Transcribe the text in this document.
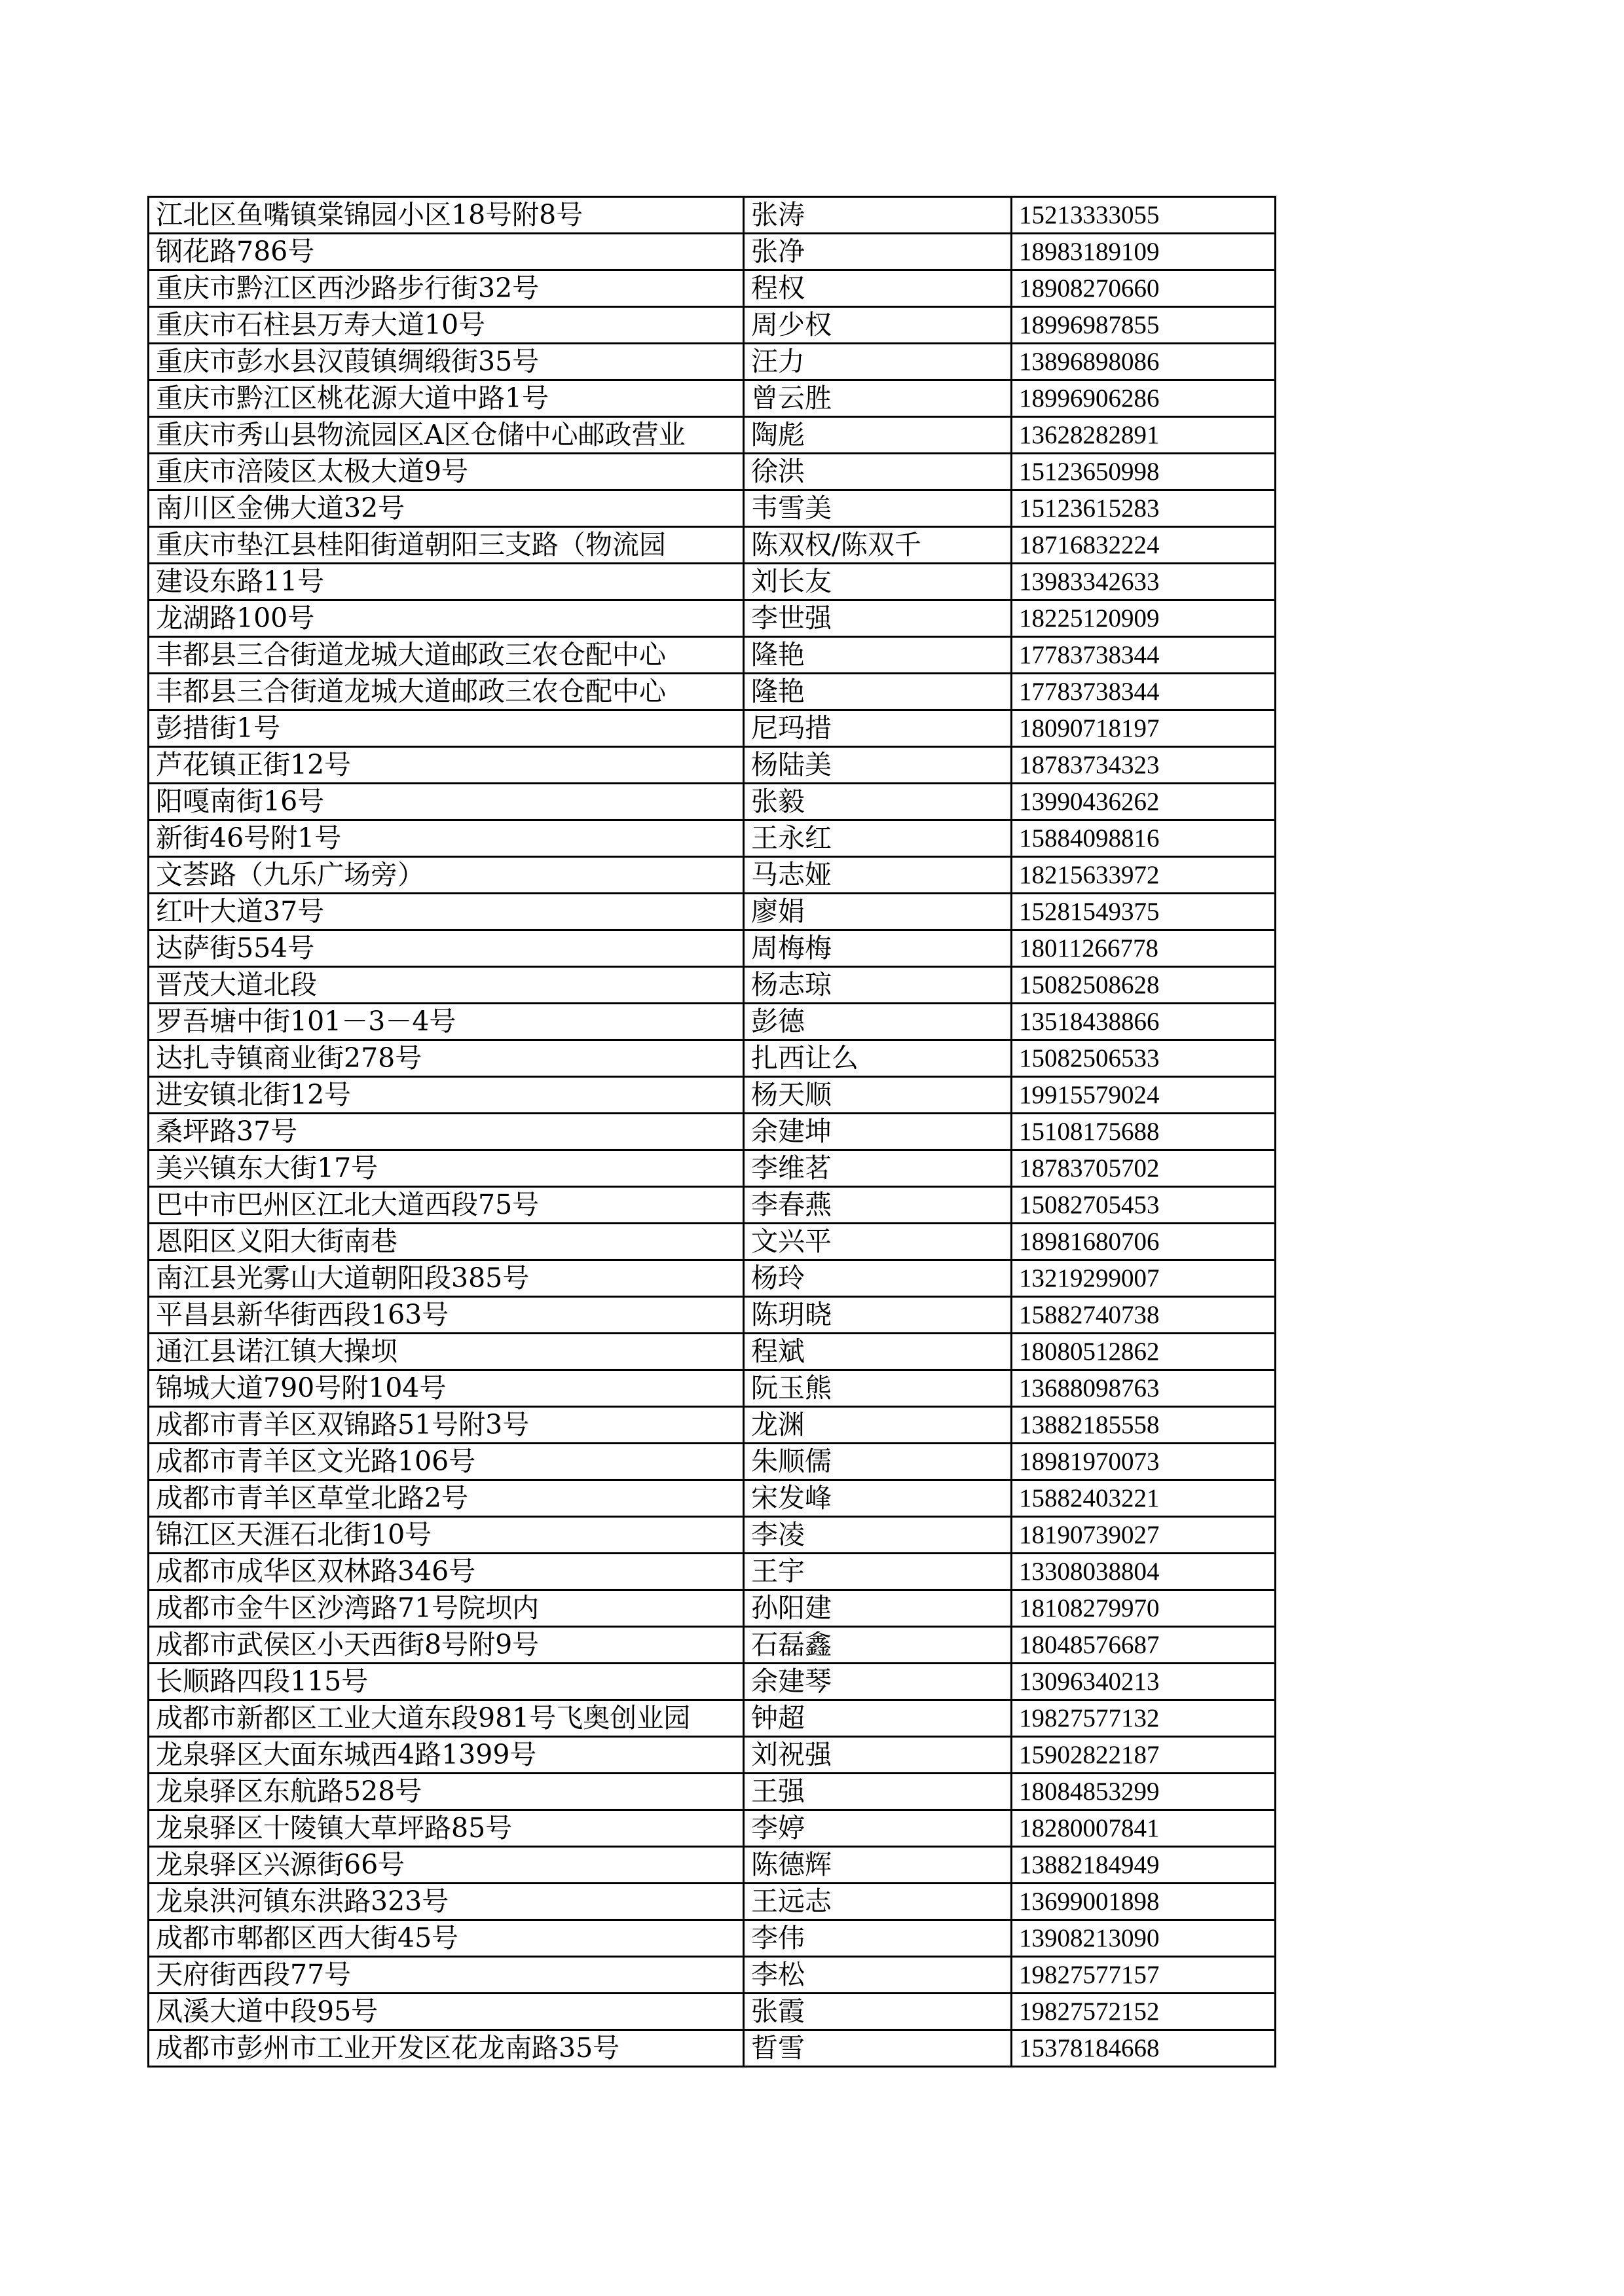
江北区鱼嘴镇棠锦园小区18号附8号	张涛	15213333055
钢花路786号	张净	18983189109
重庆市黔江区西沙路步行街32号	程权	18908270660
重庆市石柱县万寿大道10号	周少权	18996987855
重庆市彭水县汉葭镇绸缎街35号	汪力	13896898086
重庆市黔江区桃花源大道中路1号	曾云胜	18996906286
重庆市秀山县物流园区A区仓储中心邮政营业	陶彪	13628282891
重庆市涪陵区太极大道9号	徐洪	15123650998
南川区金佛大道32号	韦雪美	15123615283
重庆市垫江县桂阳街道朝阳三支路（物流园	陈双权/陈双千	18716832224
建设东路11号	刘长友	13983342633
龙湖路100号	李世强	18225120909
丰都县三合街道龙城大道邮政三农仓配中心	隆艳	17783738344
丰都县三合街道龙城大道邮政三农仓配中心	隆艳	17783738344
彭措街1号	尼玛措	18090718197
芦花镇正街12号	杨陆美	18783734323
阳嘎南街16号	张毅	13990436262
新街46号附1号	王永红	15884098816
文荟路（九乐广场旁）	马志娅	18215633972
红叶大道37号	廖娟	15281549375
达萨街554号	周梅梅	18011266778
晋茂大道北段	杨志琼	15082508628
罗吾塘中街101－3－4号	彭德	13518438866
达扎寺镇商业街278号	扎西让么	15082506533
进安镇北街12号	杨天顺	19915579024
桑坪路37号	余建坤	15108175688
美兴镇东大街17号	李维茗	18783705702
巴中市巴州区江北大道西段75号	李春燕	15082705453
恩阳区义阳大街南巷	文兴平	18981680706
南江县光雾山大道朝阳段385号	杨玲	13219299007
平昌县新华街西段163号	陈玥晓	15882740738
通江县诺江镇大操坝	程斌	18080512862
锦城大道790号附104号	阮玉熊	13688098763
成都市青羊区双锦路51号附3号	龙渊	13882185558
成都市青羊区文光路106号	朱顺儒	18981970073
成都市青羊区草堂北路2号	宋发峰	15882403221
锦江区天涯石北街10号	李凌	18190739027
成都市成华区双林路346号	王宇	13308038804
成都市金牛区沙湾路71号院坝内	孙阳建	18108279970
成都市武侯区小天西街8号附9号	石磊鑫	18048576687
长顺路四段115号	余建琴	13096340213
成都市新都区工业大道东段981号飞奥创业园	钟超	19827577132
龙泉驿区大面东城西4路1399号	刘祝强	15902822187
龙泉驿区东航路528号	王强	18084853299
龙泉驿区十陵镇大草坪路85号	李婷	18280007841
龙泉驿区兴源街66号	陈德辉	13882184949
龙泉洪河镇东洪路323号	王远志	13699001898
成都市郫都区西大街45号	李伟	13908213090
天府街西段77号	李松	19827577157
凤溪大道中段95号	张霞	19827572152
成都市彭州市工业开发区花龙南路35号	晢雪	15378184668
